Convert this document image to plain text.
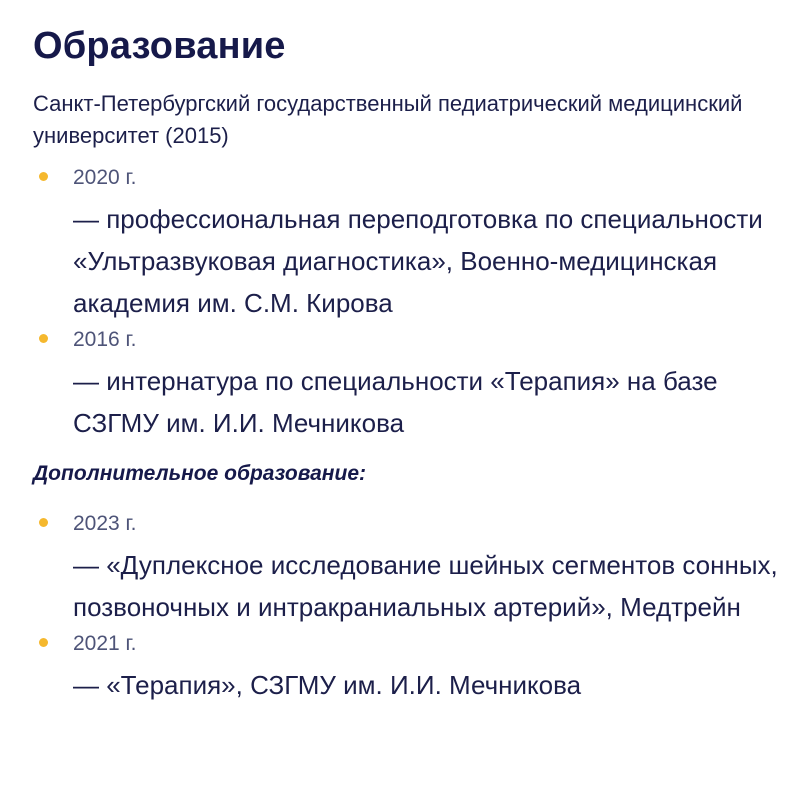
Образование

Санкт-Петербургский государственный педиатрический медицинский университет (2015)

2020 г.
— профессиональная переподготовка по специальности «Ультразвуковая диагностика», Военно-медицинская академия им. С.М. Кирова
2016 г.
— интернатура по специальности «Терапия» на базе СЗГМУ им. И.И. Мечникова

Дополнительное образование:

2023 г.
— «Дуплексное исследование шейных сегментов сонных, позвоночных и интракраниальных артерий», Медтрейн
2021 г.
— «Терапия», СЗГМУ им. И.И. Мечникова
